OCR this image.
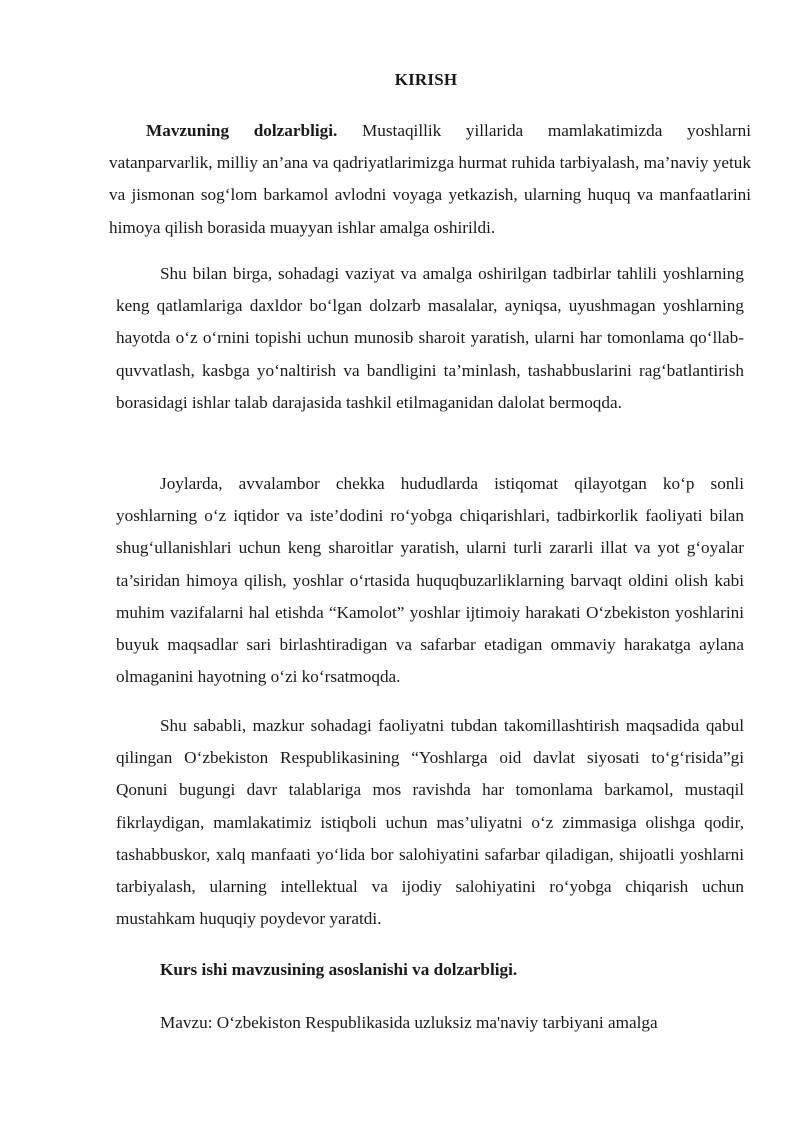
KIRISH

Mavzuning dolzarbligi. Mustaqillik yillarida mamlakatimizda yoshlarni vatanparvarlik, milliy an’ana va qadriyatlarimizga hurmat ruhida tarbiyalash, ma’naviy yetuk va jismonan sog‘lom barkamol avlodni voyaga yetkazish, ularning huquq va manfaatlarini himoya qilish borasida muayyan ishlar amalga oshirildi.

Shu bilan birga, sohadagi vaziyat va amalga oshirilgan tadbirlar tahlili yoshlarning keng qatlamlariga daxldor bo‘lgan dolzarb masalalar, ayniqsa, uyushmagan yoshlarning hayotda o‘z o‘rnini topishi uchun munosib sharoit yaratish, ularni har tomonlama qo‘llab-quvvatlash, kasbga yo‘naltirish va bandligini ta’minlash, tashabbuslarini rag‘batlantirish borasidagi ishlar talab darajasida tashkil etilmaganidan dalolat bermoqda.

Joylarda, avvalambor chekka hududlarda istiqomat qilayotgan ko‘p sonli yoshlarning o‘z iqtidor va iste’dodini ro‘yobga chiqarishlari, tadbirkorlik faoliyati bilan shug‘ullanishlari uchun keng sharoitlar yaratish, ularni turli zararli illat va yot g‘oyalar ta’siridan himoya qilish, yoshlar o‘rtasida huquqbuzarliklarning barvaqt oldini olish kabi muhim vazifalarni hal etishda “Kamolot” yoshlar ijtimoiy harakati O‘zbekiston yoshlarini buyuk maqsadlar sari birlashtiradigan va safarbar etadigan ommaviy harakatga aylana olmaganini hayotning o‘zi ko‘rsatmoqda.

Shu sababli, mazkur sohadagi faoliyatni tubdan takomillashtirish maqsadida qabul qilingan O‘zbekiston Respublikasining “Yoshlarga oid davlat siyosati to‘g‘risida”gi Qonuni bugungi davr talablariga mos ravishda har tomonlama barkamol, mustaqil fikrlaydigan, mamlakatimiz istiqboli uchun mas’uliyatni o‘z zimmasiga olishga qodir, tashabbuskor, xalq manfaati yo‘lida bor salohiyatini safarbar qiladigan, shijoatli yoshlarni tarbiyalash, ularning intellektual va ijodiy salohiyatini ro‘yobga chiqarish uchun mustahkam huquqiy poydevor yaratdi.

Kurs ishi mavzusining asoslanishi va dolzarbligi.

Mavzu: O‘zbekiston Respublikasida uzluksiz ma'naviy tarbiyani amalga
